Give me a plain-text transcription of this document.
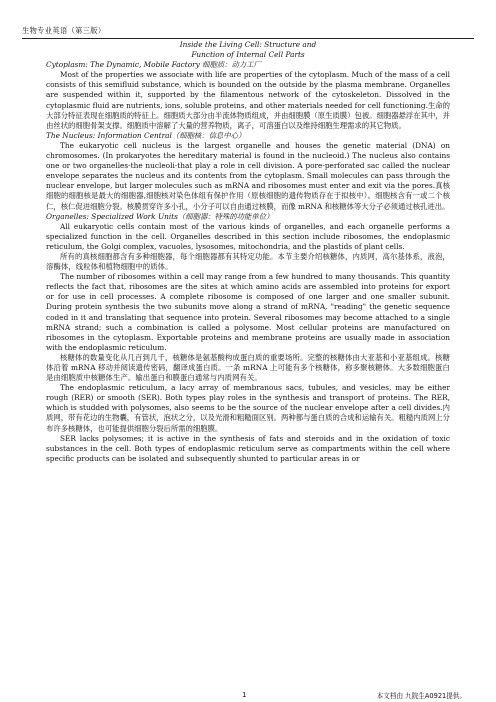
生物专业英语（第三版）

Inside the Living Cell: Structure and

Function of Internal Cell Parts

Cytoplasm: The Dynamic, Mobile Factory 细胞质：动力工厂

Most of the properties we associate with life are properties of the cytoplasm. Much of the mass of a cell consists of this semifluid substance, which is bounded on the outside by the plasma membrane. Organelles are suspended within it, supported by the filamentous network of the cytoskeleton. Dissolved in the cytoplasmic fluid are nutrients, ions, soluble proteins, and other materials needed for cell functioning.生命的大部分特征表现在细胞质的特征上。细胞质大部分由半流体物质组成，并由细胞膜（原生质膜）包被。细胞器悬浮在其中，并由丝状的细胞骨架支撑。细胞质中溶解了大量的营养物质，离子，可溶蛋白以及维持细胞生理需求的其它物质。

The Nucleus: Information Central（细胞核：信息中心）

The eukaryotic cell nucleus is the largest organelle and houses the genetic material (DNA) on chromosomes. (In prokaryotes the hereditary material is found in the nucleoid.) The nucleus also contains one or two organelles-the nucleoli-that play a role in cell division. A pore-perforated sac called the nuclear envelope separates the nucleus and its contents from the cytoplasm. Small molecules can pass through the nuclear envelope, but larger molecules such as mRNA and ribosomes must enter and exit via the pores.真核细胞的细胞核是最大的细胞器,细胞核对染色体组有保护作用（原核细胞的遗传物质存在于拟核中）。细胞核含有一或二个核仁，核仁促进细胞分裂。核膜贯穿许多小孔，小分子可以自由通过核膜，而像 mRNA 和核糖体等大分子必须通过核孔进出。

Organelles: Specialized Work Units（细胞器：特殊的功能单位）

All eukaryotic cells contain most of the various kinds of organelles, and each organelle performs a specialized function in the cell. Organelles described in this section include ribosomes, the endoplasmic reticulum, the Golgi complex, vacuoles, lysosomes, mitochondria, and the plastids of plant cells.

所有的真核细胞都含有多种细胞器，每个细胞器都有其特定功能。本节主要介绍核糖体，内质网，高尔基体系，液泡，溶酶体，线粒体和植物细胞中的质体。

The number of ribosomes within a cell may range from a few hundred to many thousands. This quantity reflects the fact that, ribosomes are the sites at which amino acids are assembled into proteins for export or for use in cell processes. A complete ribosome is composed of one larger and one smaller subunit. During protein synthesis the two subunits move along a strand of mRNA, "reading" the genetic sequence coded in it and translating that sequence into protein. Several ribosomes may become attached to a single mRNA strand; such a combination is called a polysome. Most cellular proteins are manufactured on ribosomes in the cytoplasm. Exportable proteins and membrane proteins are usually made in association with the endoplasmic reticulum.

核糖体的数量变化从几百到几千，核糖体是氨基酸构成蛋白质的重要场所。完整的核糖体由大亚基和小亚基组成。核糖体沿着 mRNA 移动并阅读遗传密码，翻译成蛋白质。一条 mRNA 上可能有多个核糖体，称多聚核糖体。大多数细胞蛋白是由细胞质中核糖体生产。输出蛋白和膜蛋白通常与内质网有关。

The endoplasmic reticulum, a lacy array of membranous sacs, tubules, and vesicles, may be either rough (RER) or smooth (SER). Both types play roles in the synthesis and transport of proteins. The RER, which is studded with polysomes, also seems to be the source of the nuclear envelope after a cell divides.内质网，带有花边的生物囊，有管状，泡状之分，以及光滑和粗糙面区别。两种都与蛋白质的合成和运输有关。粗糙内质网上分布许多核糖体，也可能提供细胞分裂后所需的细胞膜。

SER lacks polysomes; it is active in the synthesis of fats and steroids and in the oxidation of toxic substances in the cell. Both types of endoplasmic reticulum serve as compartments within the cell where specific products can be isolated and subsequently shunted to particular areas in or

1	本文档由 九院生A0921提供。
